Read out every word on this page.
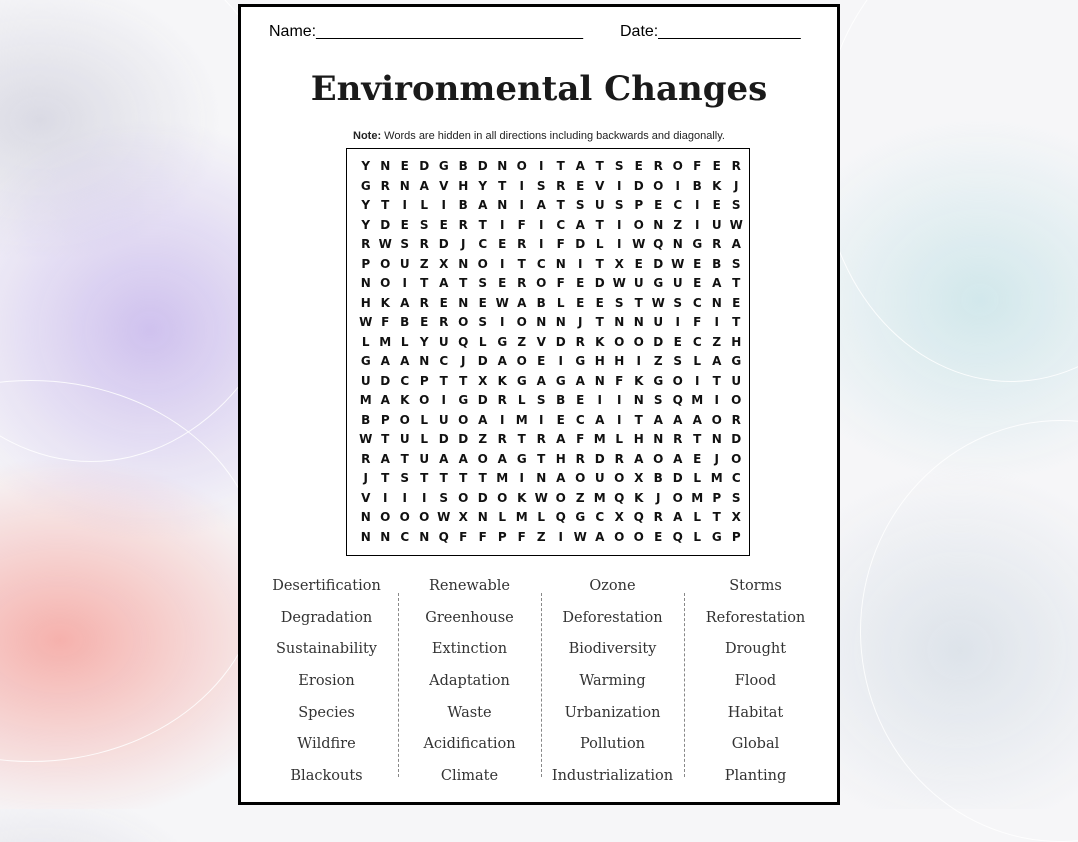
Name:______________________________ Date:________________
Environmental Changes
Note: Words are hidden in all directions including backwards and diagonally.
Y N E D G B D N O	I	T A T S E R O F E R
G R N A V H Y T	I	S R E V	I	D O	I	B K	J
Y T	I	L	I	B A N	I	A T S U S P E C	I	E S
Y D E S E R T	I	F	I	C A T	I	O N Z	I	U W
R W S R D	J	C E R	I	F D L	I W Q N G R A
P O U Z X N O	I	T C N	I	T X E D W E B S
N O	I	T A T S E R O F E D W U G U E A T
H K A R E N E W A B L E E S T W S C N E
W F B E R O S	I	O N N	J	T N N U	I	F	I	T
L M L Y U Q L G Z V D R K O O D E C Z H
G A A N C	J	D A O E	I	G H H	I	Z S L A G
U D C P T T X K G A G A N F K G O	I	T U
M A K O	I	G D R L S B E	I	I	N S Q M I	O
B P O L U O A	I M I	E C A	I	T A A A O R
W T U L D D Z R T R A F M L H N R T N D
R A T U A A O A G T H R D R A O A E	J	O
J	T S T T T T M I	N A O U O X B D L M C
V	I	I	I	S O D O K W O Z M Q K	J	O M P S
N O O O W X N L M L Q G C X Q R A L T X
N N C N Q F F P F Z	I W A O O E Q L G P
Desertification
Degradation
Sustainability
Erosion
Species
Wildfire
Blackouts
Renewable
Greenhouse
Extinction
Adaptation
Waste
Acidification
Climate
Ozone
Deforestation
Biodiversity
Warming
Urbanization
Pollution
Industrialization
Storms
Reforestation
Drought
Flood
Habitat
Global
Planting
